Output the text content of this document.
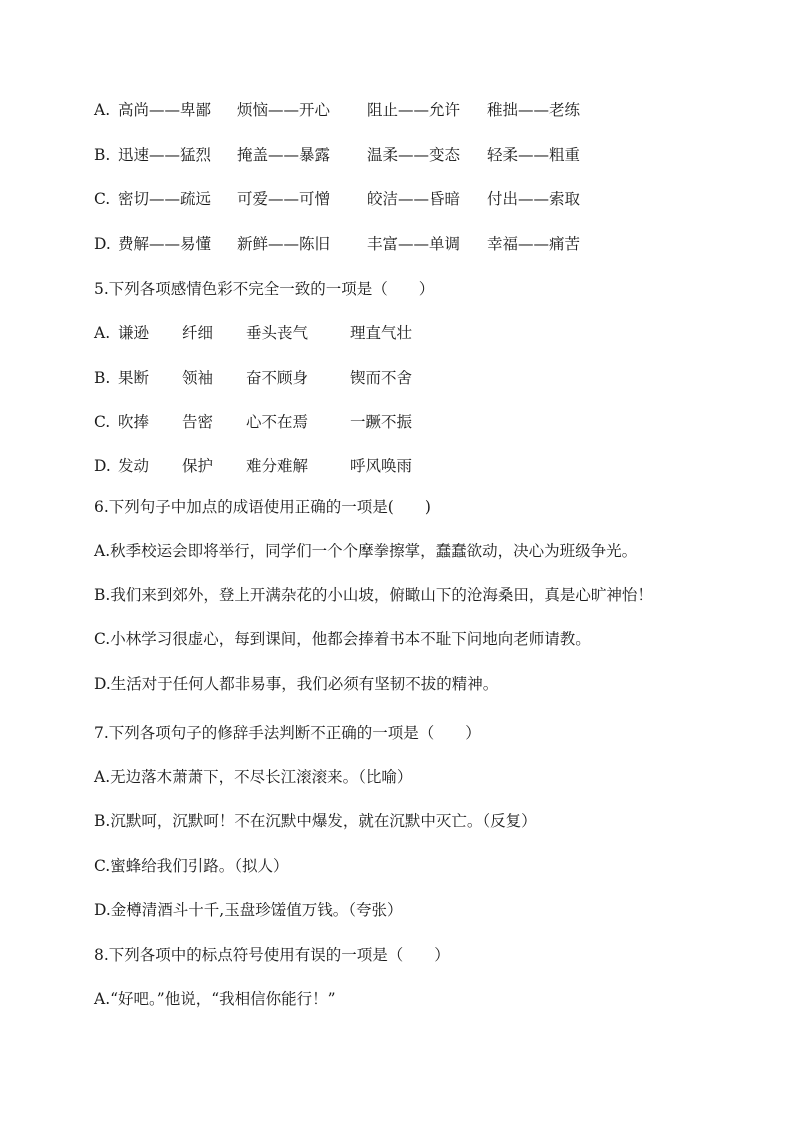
A. 高尚——卑鄙 烦恼——开心 阻止——允许 稚拙——老练
B. 迅速——猛烈 掩盖——暴露 温柔——变态 轻柔——粗重
C. 密切——疏远 可爱——可憎 皎洁——昏暗 付出——索取
D. 费解——易懂 新鲜——陈旧 丰富——单调 幸福——痛苦
5.下列各项感情色彩不完全一致的一项是（　　）
A. 谦逊 纤细 垂头丧气	理直气壮
B. 果断 领袖 奋不顾身	锲而不舍
C. 吹捧 告密 心不在焉	一蹶不振
D. 发动 保护 难分难解	呼风唤雨
6.下列句子中加点的成语使用正确的一项是(　　)
A.秋季校运会即将举行，同学们一个个摩拳擦掌，蠢蠢欲动，决心为班级争光。
B.我们来到郊外，登上开满杂花的小山坡，俯瞰山下的沧海桑田，真是心旷神怡！
C.小林学习很虚心，每到课间，他都会捧着书本不耻下问地向老师请教。
D.生活对于任何人都非易事，我们必须有坚韧不拔的精神。
7.下列各项句子的修辞手法判断不正确的一项是（　　）
A.无边落木萧萧下，不尽长江滚滚来。（比喻）
B.沉默呵，沉默呵！不在沉默中爆发，就在沉默中灭亡。（反复）
C.蜜蜂给我们引路。（拟人）
D.金樽清酒斗十千,玉盘珍馐值万钱。（夸张）
8.下列各项中的标点符号使用有误的一项是（　　）
A.“好吧。”他说，“我相信你能行！”
